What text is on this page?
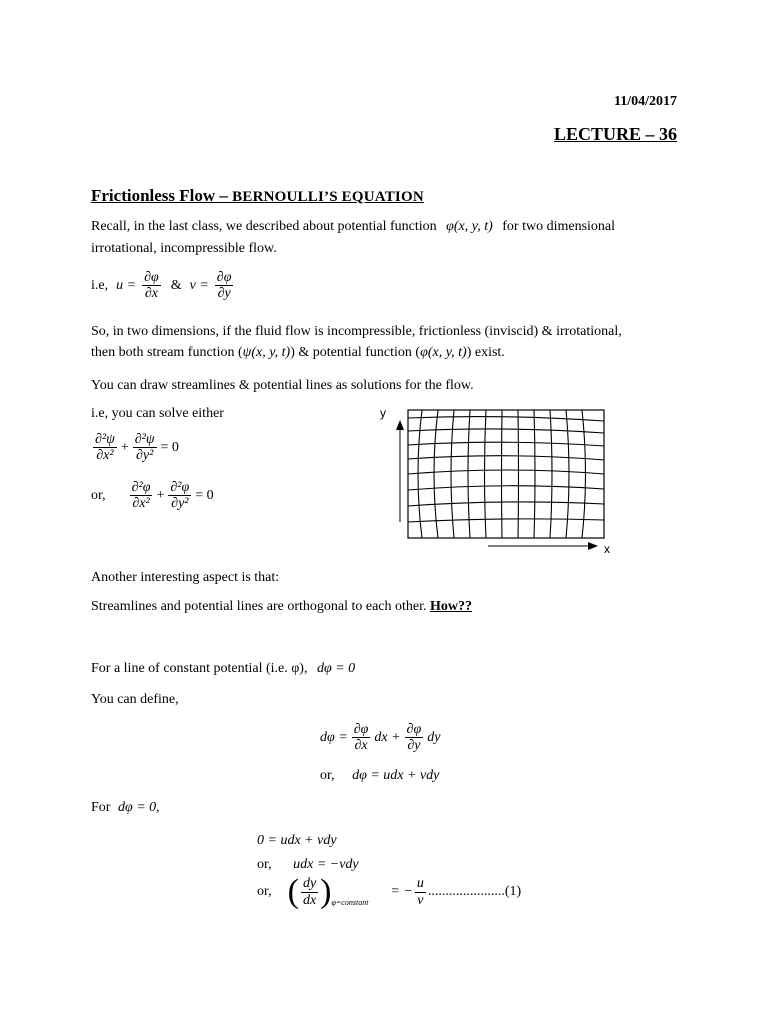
11/04/2017
LECTURE – 36
Frictionless Flow – BERNOULLI’S EQUATION
Recall, in the last class, we described about potential function φ(x, y, t) for two dimensional
irrotational, incompressible flow.
i.e, $u = \frac{\partial\varphi}{\partial x}$ & $v = \frac{\partial\varphi}{\partial y}$
So, in two dimensions, if the fluid flow is incompressible, frictionless (inviscid) & irrotational,
then both stream function (ψ(x, y, t)) & potential function (φ(x, y, t)) exist.
You can draw streamlines & potential lines as solutions for the flow.
i.e, you can solve either
$\frac{\text{∂²ψ}}{\text{∂x²}} + \frac{\text{∂²ψ}}{\text{∂y²}} = 0$
or, $\frac{\text{∂²φ}}{\text{∂x²}} + \frac{\text{∂²φ}}{\text{∂y²}} = 0$
y
x
Another interesting aspect is that:
Streamlines and potential lines are orthogonal to each other. How??
For a line of constant potential (i.e. φ), dφ = 0
You can define,
$d\varphi = \frac{\partial\varphi}{\partial x}$ dx + $\frac{\partial\varphi}{\partial y}$ dy
or, dφ = udx + vdy
For dφ = 0,
0 = udx + vdy
or, udx = −vdy
or, ( $\frac{dy}{dx}$ ) φ=constant
= − $\frac{u}{v} ......................(1)$
